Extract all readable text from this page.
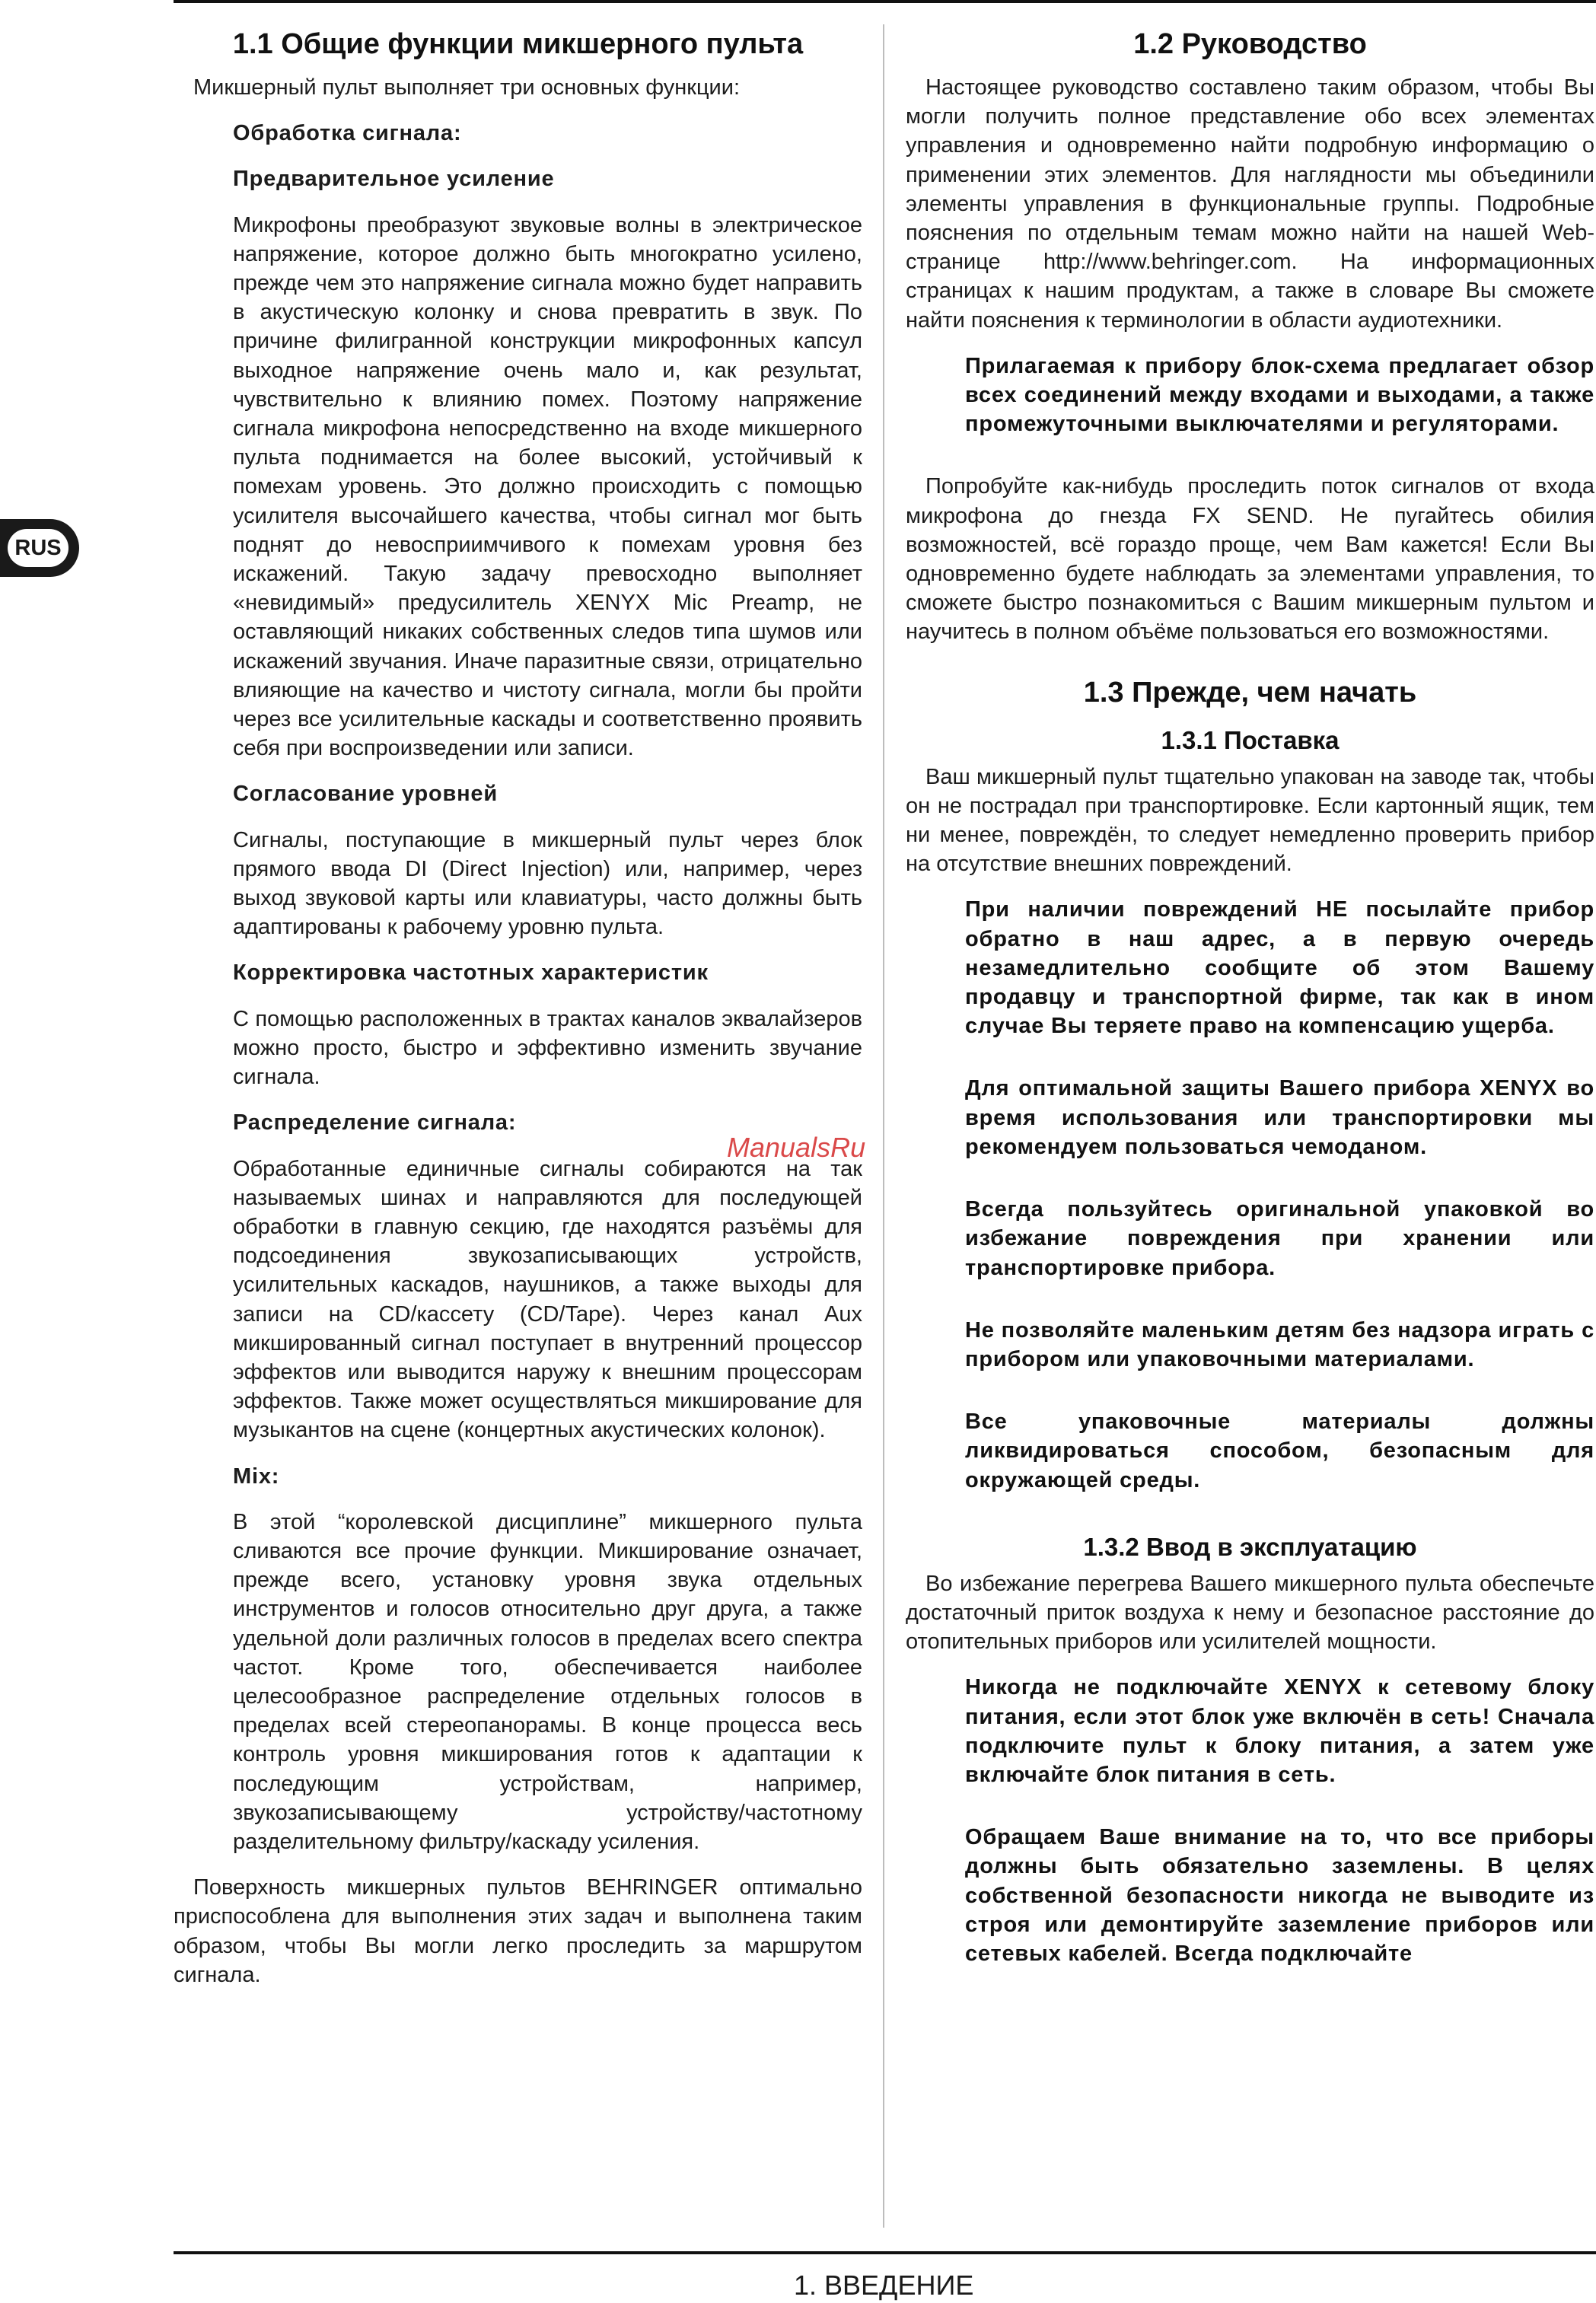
RUS
1.1 Общие функции микшерного пульта

Микшерный пульт выполняет три основных функции:

Обработка сигнала:

Предварительное усиление

Микрофоны преобразуют звуковые волны в электрическое напряжение, которое должно быть многократно усилено, прежде чем это напряжение сигнала можно будет направить в акустическую колонку и снова превратить в звук. По причине филигранной конструкции микрофонных капсул выходное напряжение очень мало и, как результат, чувствительно к влиянию помех. Поэтому напряжение сигнала микрофона непосредственно на входе микшерного пульта поднимается на более высокий, устойчивый к помехам уровень. Это должно происходить с помощью усилителя высочайшего качества, чтобы сигнал мог быть поднят до невосприимчивого к помехам уровня без искажений. Такую задачу превосходно выполняет «невидимый» предусилитель XENYX Mic Preamp, не оставляющий никаких собственных следов типа шумов или искажений звучания. Иначе паразитные связи, отрицательно влияющие на качество и чистоту сигнала, могли бы пройти через все усилительные каскады и соответственно проявить себя при воспроизведении или записи.

Согласование уровней

Сигналы, поступающие в микшерный пульт через блок прямого ввода DI (Direct Injection) или, например, через выход звуковой карты или клавиатуры, часто должны быть адаптированы к рабочему уровню пульта.

Корректировка частотных характеристик

С помощью расположенных в трактах каналов эквалайзеров можно просто, быстро и эффективно изменить звучание сигнала.

Распределение сигнала:

Обработанные единичные сигналы собираются на так называемых шинах и направляются для последующей обработки в главную секцию, где находятся разъёмы для подсоединения звукозаписывающих устройств, усилительных каскадов, наушников, а также выходы для записи на CD/кассету (CD/Tape). Через канал Aux микшированный сигнал поступает в внутренний процессор эффектов или выводится наружу к внешним процессорам эффектов. Также может осуществляться микширование для музыкантов на сцене (концертных акустических колонок).

Mix:

В этой “королевской дисциплине” микшерного пульта сливаются все прочие функции. Микширование означает, прежде всего, установку уровня звука отдельных инструментов и голосов относительно друг друга, а также удельной доли различных голосов в пределах всего спектра частот. Кроме того, обеспечивается наиболее целесообразное распределение отдельных голосов в пределах всей стереопанорамы. В конце процесса весь контроль уровня микширования готов к адаптации к последующим устройствам, например, звукозаписывающему устройству/частотному разделительному фильтру/каскаду усиления.

Поверхность микшерных пультов BEHRINGER оптимально приспособлена для выполнения этих задач и выполнена таким образом, чтобы Вы могли легко проследить за маршрутом сигнала.

ManualsRu
1.2 Руководство

Настоящее руководство составлено таким образом, чтобы Вы могли получить полное представление обо всех элементах управления и одновременно найти подробную информацию о применении этих элементов. Для наглядности мы объединили элементы управления в функциональные группы. Подробные пояснения по отдельным темам можно найти на нашей Web-странице http://www.behringer.com. На информационных страницах к нашим продуктам, а также в словаре Вы сможете найти пояснения к терминологии в области аудиотехники.

Прилагаемая к прибору блок-схема предлагает обзор всех соединений между входами и выходами, а также промежуточными выключателями и регуляторами.

Попробуйте как-нибудь проследить поток сигналов от входа микрофона до гнезда FX SEND. Не пугайтесь обилия возможностей, всё гораздо проще, чем Вам кажется! Если Вы одновременно будете наблюдать за элементами управления, то сможете быстро познакомиться с Вашим микшерным пультом и научитесь в полном объёме пользоваться его возможностями.

1.3 Прежде, чем начать
1.3.1 Поставка

Ваш микшерный пульт тщательно упакован на заводе так, чтобы он не пострадал при транспортировке. Если картонный ящик, тем ни менее, повреждён, то следует немедленно проверить прибор на отсутствие внешних повреждений.

При наличии повреждений НЕ посылайте прибор обратно в наш адрес, а в первую очередь незамедлительно сообщите об этом Вашему продавцу и транспортной фирме, так как в ином случае Вы теряете право на компенсацию ущерба.

Для оптимальной защиты Вашего прибора XENYX во время использования или транспортировки мы рекомендуем пользоваться чемоданом.

Всегда пользуйтесь оригинальной упаковкой во избежание повреждения при хранении или транспортировке прибора.

Не позволяйте маленьким детям без надзора играть с прибором или упаковочными материалами.

Все упаковочные материалы должны ликвидироваться способом, безопасным для окружающей среды.

1.3.2 Ввод в эксплуатацию

Во избежание перегрева Вашего микшерного пульта обеспечьте достаточный приток воздуха к нему и безопасное расстояние до отопительных приборов или усилителей мощности.

Никогда не подключайте XENYX к сетевому блоку питания, если этот блок уже включён в сеть! Сначала подключите пульт к блоку питания, а затем уже включайте блок питания в сеть.

Обращаем Ваше внимание на то, что все приборы должны быть обязательно заземлены. В целях собственной безопасности никогда не выводите из строя или демонтируйте заземление приборов или сетевых кабелей. Всегда подключайте

1. ВВЕДЕНИЕ
